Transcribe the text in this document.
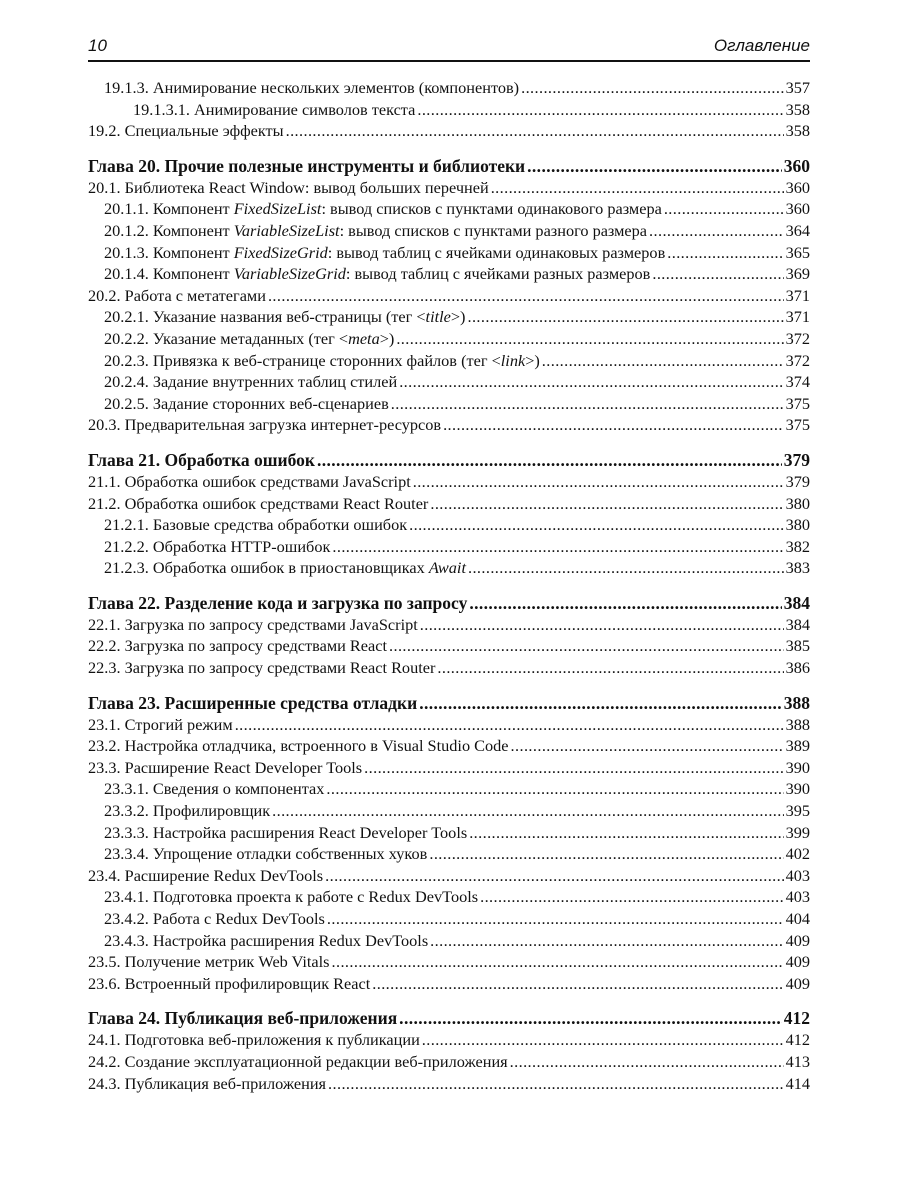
10	Оглавление
19.1.3. Анимирование нескольких элементов (компонентов) .....	357
19.1.3.1. Анимирование символов текста .....	358
19.2. Специальные эффекты .....	358
Глава 20. Прочие полезные инструменты и библиотеки .....	360
20.1. Библиотека React Window: вывод больших перечней .....	360
20.1.1. Компонент FixedSizeList: вывод списков с пунктами одинакового размера .....	360
20.1.2. Компонент VariableSizeList: вывод списков с пунктами разного размера .....	364
20.1.3. Компонент FixedSizeGrid: вывод таблиц с ячейками одинаковых размеров .....	365
20.1.4. Компонент VariableSizeGrid: вывод таблиц с ячейками разных размеров .....	369
20.2. Работа с метатегами .....	371
20.2.1. Указание названия веб-страницы (тег <title>) .....	371
20.2.2. Указание метаданных (тег <meta>) .....	372
20.2.3. Привязка к веб-странице сторонних файлов (тег <link>) .....	372
20.2.4. Задание внутренних таблиц стилей .....	374
20.2.5. Задание сторонних веб-сценариев .....	375
20.3. Предварительная загрузка интернет-ресурсов .....	375
Глава 21. Обработка ошибок .....	379
21.1. Обработка ошибок средствами JavaScript .....	379
21.2. Обработка ошибок средствами React Router .....	380
21.2.1. Базовые средства обработки ошибок .....	380
21.2.2. Обработка HTTP-ошибок .....	382
21.2.3. Обработка ошибок в приостановщиках Await .....	383
Глава 22. Разделение кода и загрузка по запросу .....	384
22.1. Загрузка по запросу средствами JavaScript .....	384
22.2. Загрузка по запросу средствами React .....	385
22.3. Загрузка по запросу средствами React Router .....	386
Глава 23. Расширенные средства отладки .....	388
23.1. Строгий режим .....	388
23.2. Настройка отладчика, встроенного в Visual Studio Code .....	389
23.3. Расширение React Developer Tools .....	390
23.3.1. Сведения о компонентах .....	390
23.3.2. Профилировщик .....	395
23.3.3. Настройка расширения React Developer Tools .....	399
23.3.4. Упрощение отладки собственных хуков .....	402
23.4. Расширение Redux DevTools .....	403
23.4.1. Подготовка проекта к работе с Redux DevTools .....	403
23.4.2. Работа с Redux DevTools .....	404
23.4.3. Настройка расширения Redux DevTools .....	409
23.5. Получение метрик Web Vitals .....	409
23.6. Встроенный профилировщик React .....	409
Глава 24. Публикация веб-приложения .....	412
24.1. Подготовка веб-приложения к публикации .....	412
24.2. Создание эксплуатационной редакции веб-приложения .....	413
24.3. Публикация веб-приложения .....	414
